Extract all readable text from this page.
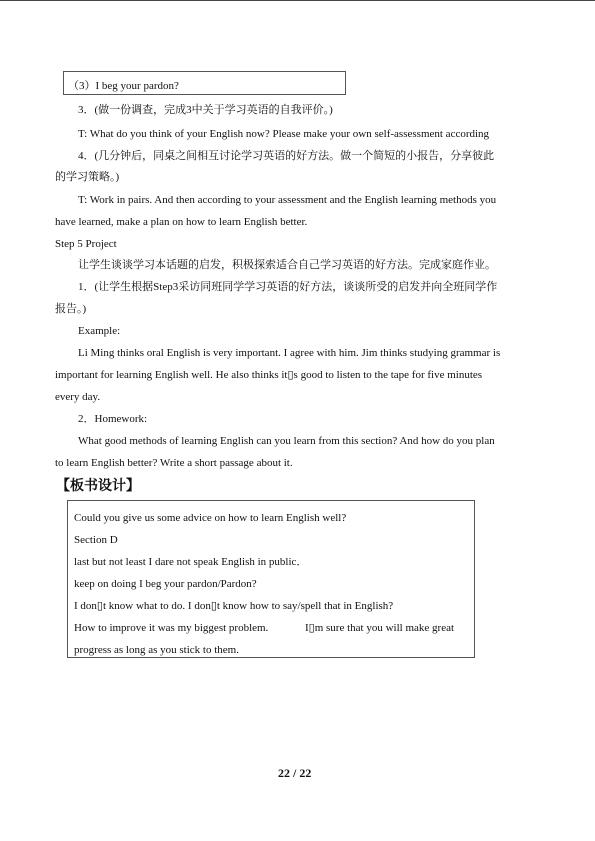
（3）I beg your pardon?
3．(做一份调查，完成3中关于学习英语的自我评价。)
T: What do you think of your English now? Please make your own self-assessment according
4．(几分钟后，同桌之间相互讨论学习英语的好方法。做一个简短的小报告，分享彼此
的学习策略。)
T: Work in pairs. And then according to your assessment and the English learning methods you
have learned, make a plan on how to learn English better.
Step 5 Project
让学生谈谈学习本话题的启发，积极探索适合自己学习英语的好方法。完成家庭作业。
1．(让学生根据Step3采访同班同学学习英语的好方法，谈谈所受的启发并向全班同学作
报告。)
Example:
Li Ming thinks oral English is very important. I agree with him. Jim thinks studying grammar is
important for learning English well. He also thinks it▯s good to listen to the tape for five minutes
every day.
2．Homework:
What good methods of learning English can you learn from this section? And how do you plan
to learn English better? Write a short passage about it.
【板书设计】
Could you give us some advice on how to learn English well?
Section D
last but not least I dare not speak English in public．
keep on doing I beg your pardon/Pardon?
I don▯t know what to do. I don▯t know how to say/spell that in English?
How to improve it was my biggest problem.	I▯m sure that you will make great
progress as long as you stick to them.
22 / 22
